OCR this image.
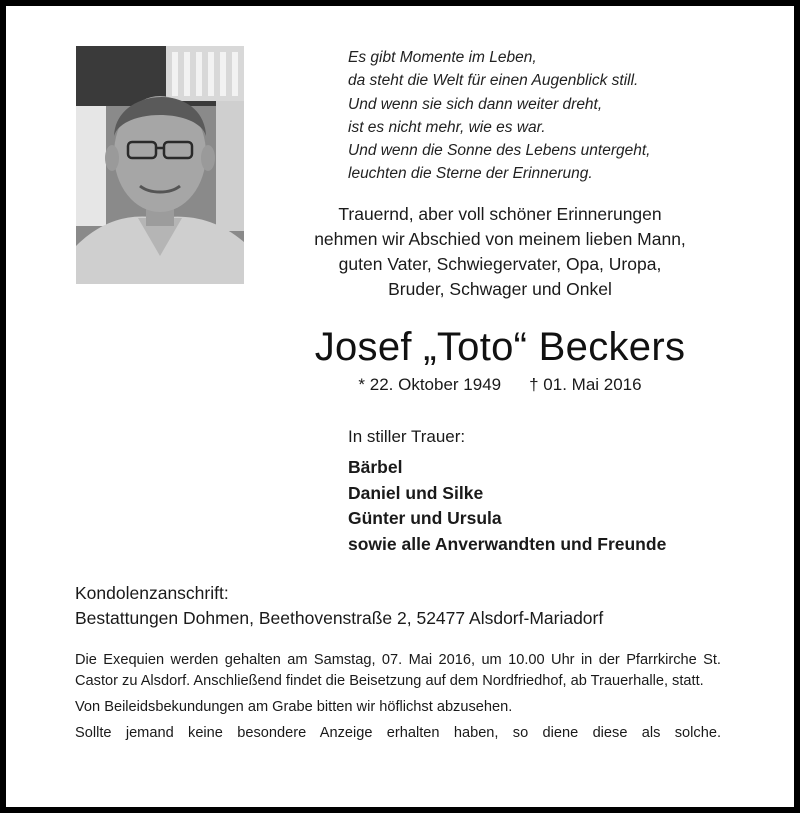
Es gibt Momente im Leben,
da steht die Welt für einen Augenblick still.
Und wenn sie sich dann weiter dreht,
ist es nicht mehr, wie es war.
Und wenn die Sonne des Lebens untergeht,
leuchten die Sterne der Erinnerung.
Trauernd, aber voll schöner Erinnerungen
nehmen wir Abschied von meinem lieben Mann,
guten Vater, Schwiegervater, Opa, Uropa,
Bruder, Schwager und Onkel
Josef „Toto“ Beckers
* 22. Oktober 1949 † 01. Mai 2016
In stiller Trauer:
Bärbel
Daniel und Silke
Günter und Ursula
sowie alle Anverwandten und Freunde
Kondolenzanschrift:
Bestattungen Dohmen, Beethovenstraße 2, 52477 Alsdorf-Mariadorf

Die Exequien werden gehalten am Samstag, 07. Mai 2016, um 10.00 Uhr in der Pfarrkirche St. Castor zu Alsdorf. Anschließend findet die Beisetzung auf dem Nordfriedhof, ab Trauerhalle, statt.

Von Beileidsbekundungen am Grabe bitten wir höflichst abzusehen.

Sollte jemand keine besondere Anzeige erhalten haben, so diene diese als solche.
